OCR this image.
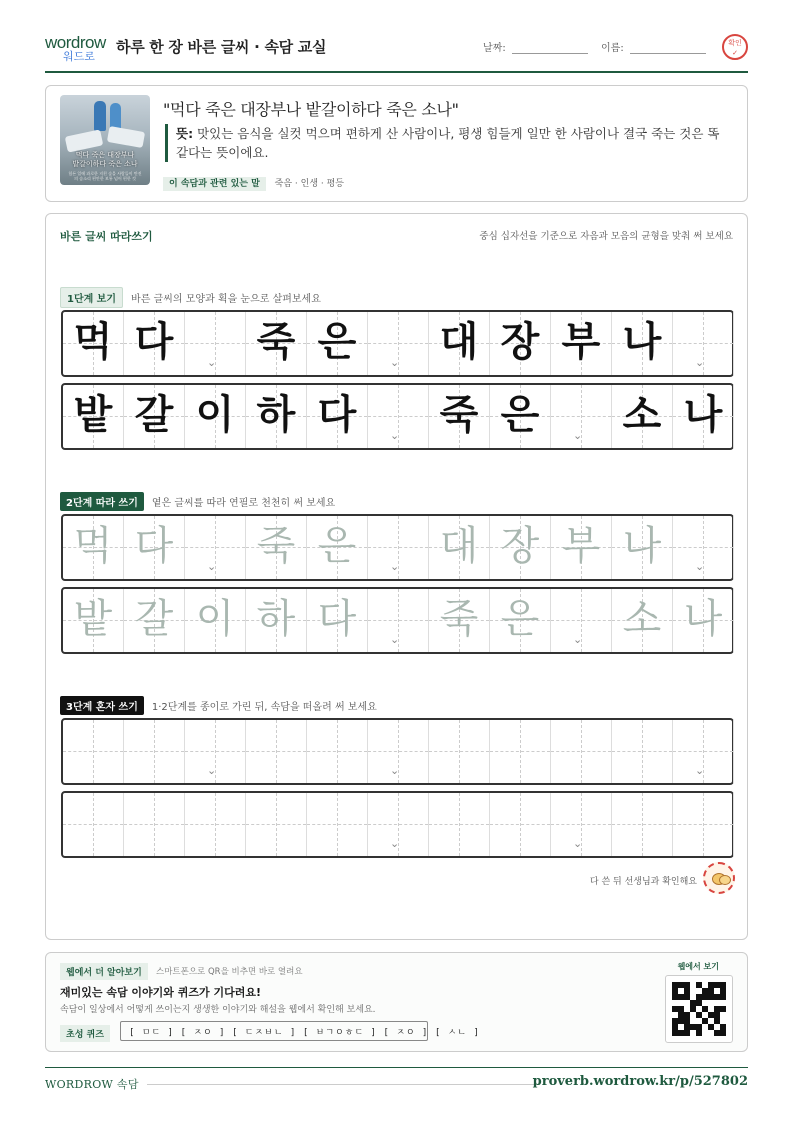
wordrow
워드로
하루 한 장 바른 글씨 · 속담 교실	날짜:	이름:	확인
✓
먹다 죽은 대장부나
밭갈이하다 죽은 소나
힘든 일에 과로한 지친 숲을 사람들이 만진
의 숨소리 편안한 보통 넘어 편한 것
"먹다 죽은 대장부나 밭갈이하다 죽은 소나"
뜻: 맛있는 음식을 실컷 먹으며 편하게 산 사람이나, 평생 힘들게 일만 한 사람이나 결국 죽는 것은 똑같다는 뜻이에요.
이 속담과 관련 있는 말 죽음 · 인생 · 평등
바른 글씨 따라쓰기	중심 십자선을 기준으로 자음과 모음의 균형을 맞춰 써 보세요
1단계 보기	바른 글씨의 모양과 획을 눈으로 살펴보세요
먹 다	⌄ 죽 은	⌄ 대 장 부 나	⌄
밭 갈 이 하 다	⌄ 죽 은	⌄ 소 나
2단계 따라 쓰기	옅은 글씨를 따라 연필로 천천히 써 보세요
먹 다	⌄ 죽 은	⌄ 대 장 부 나	⌄
밭 갈 이 하 다	⌄ 죽 은	⌄ 소 나
3단계 혼자 쓰기	1·2단계를 종이로 가린 뒤, 속담을 떠올려 써 보세요
⌄	⌄	⌄
⌄	⌄
다 쓴 뒤 선생님과 확인해요
웹에서 더 알아보기	스마트폰으로 QR을 비추면 바로 열려요
재미있는 속담 이야기와 퀴즈가 기다려요!
속담이 일상에서 어떻게 쓰이는지 생생한 이야기와 해설을 웹에서 확인해 보세요.
초성 퀴즈	[ ㅁㄷ ] [ ㅈㅇ ] [ ㄷㅈㅂㄴ ] [ ㅂㄱㅇㅎㄷ ] [ ㅈㅇ ] [ ㅅㄴ ]
웹에서 보기
WORDROW 속담	proverb.wordrow.kr/p/527802
